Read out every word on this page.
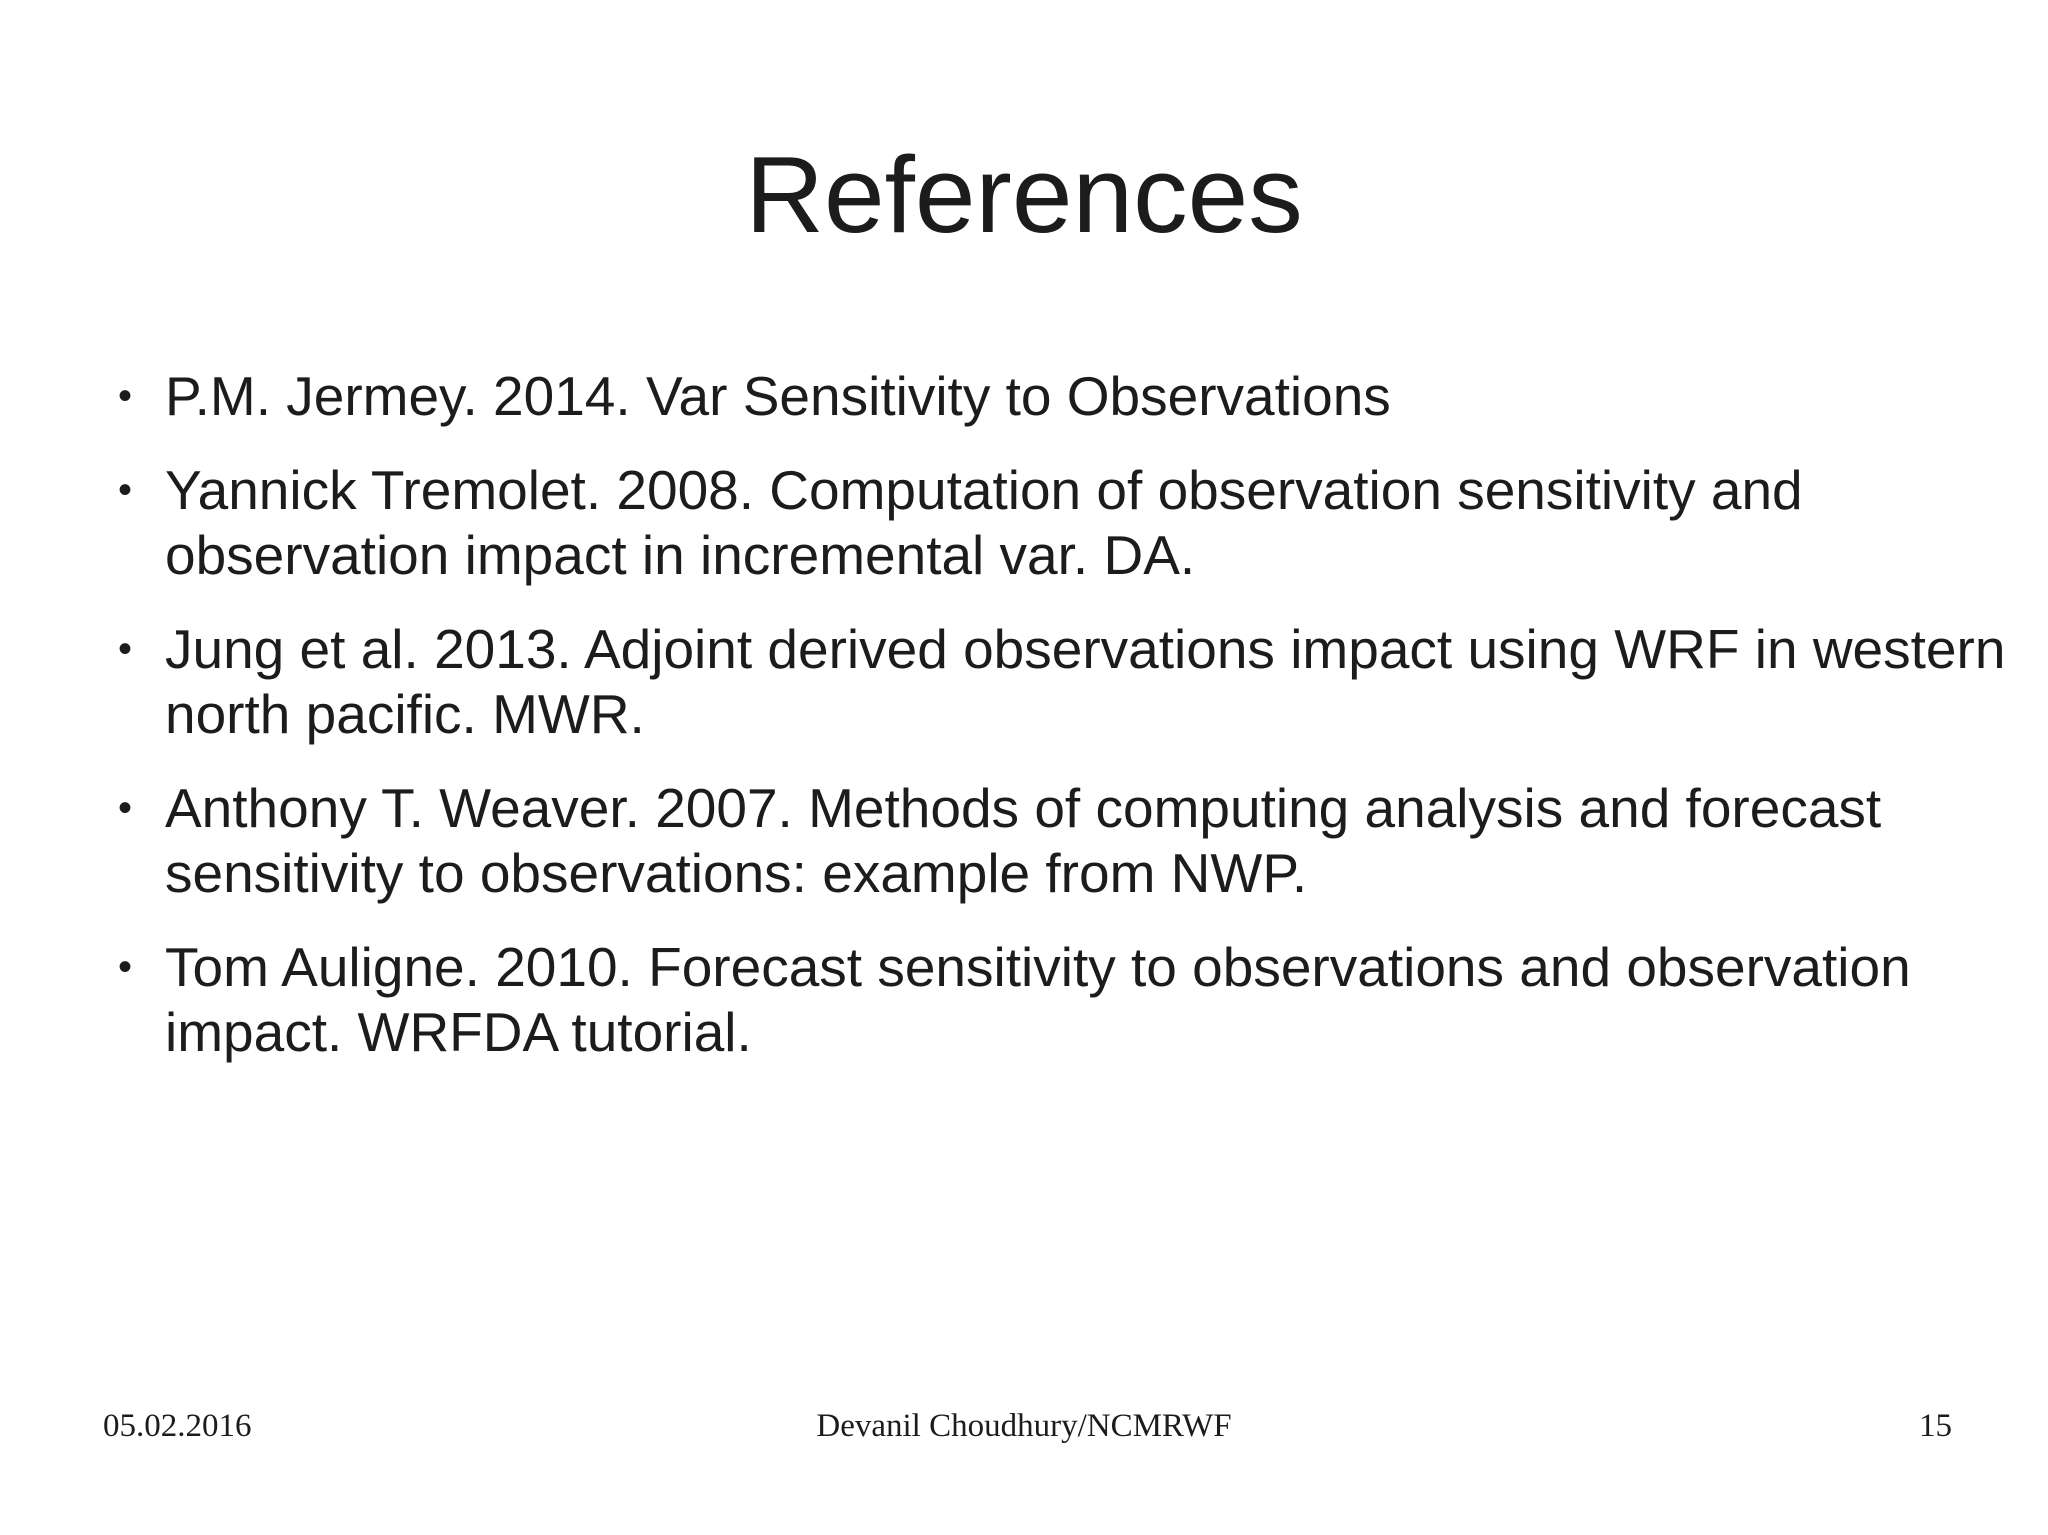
References
• P.M. Jermey. 2014. Var Sensitivity to Observations
• Yannick Tremolet. 2008. Computation of observation sensitivity and observation impact in incremental var. DA.
• Jung et al. 2013. Adjoint derived observations impact using WRF in western north pacific. MWR.
• Anthony T. Weaver. 2007. Methods of computing analysis and forecast sensitivity to observations: example from NWP.
• Tom Auligne. 2010. Forecast sensitivity to observations and observation impact. WRFDA tutorial.
05.02.2016	Devanil Choudhury/NCMRWF	15
